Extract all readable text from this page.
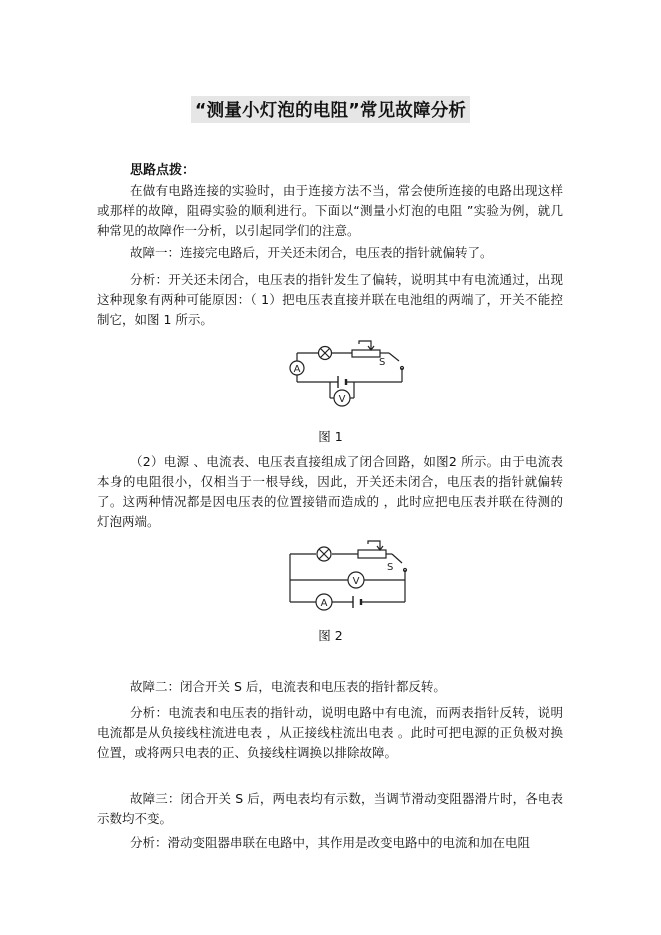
“测量小灯泡的电阻”常见故障分析
思路点拨：

在做有电路连接的实验时，由于连接方法不当，常会使所连接的电路出现这样或那样的故障，阻碍实验的顺利进行。下面以“测量小灯泡的电阻 ”实验为例，就几种常见的故障作一分析，以引起同学们的注意。

故障一：连接完电路后，开关还未闭合，电压表的指针就偏转了。

分析：开关还未闭合，电压表的指针发生了偏转，说明其中有电流通过，出现这种现象有两种可能原因：（ 1）把电压表直接并联在电池组的两端了，开关不能控制它，如图 1 所示。

A
V
S
图 1

（2）电源 、电流表、电压表直接组成了闭合回路，如图2 所示。由于电流表本身的电阻很小，仅相当于一根导线，因此，开关还未闭合，电压表的指针就偏转了。这两种情况都是因电压表的位置接错而造成的 ，此时应把电压表并联在待测的灯泡两端。

V
A
S
图 2

故障二：闭合开关 S 后，电流表和电压表的指针都反转。

分析：电流表和电压表的指针动，说明电路中有电流，而两表指针反转，说明电流都是从负接线柱流进电表 ，从正接线柱流出电表 。此时可把电源的正负极对换位置，或将两只电表的正、负接线柱调换以排除故障。

故障三：闭合开关 S 后，两电表均有示数，当调节滑动变阻器滑片时，各电表示数均不变。

分析：滑动变阻器串联在电路中，其作用是改变电路中的电流和加在电阻
